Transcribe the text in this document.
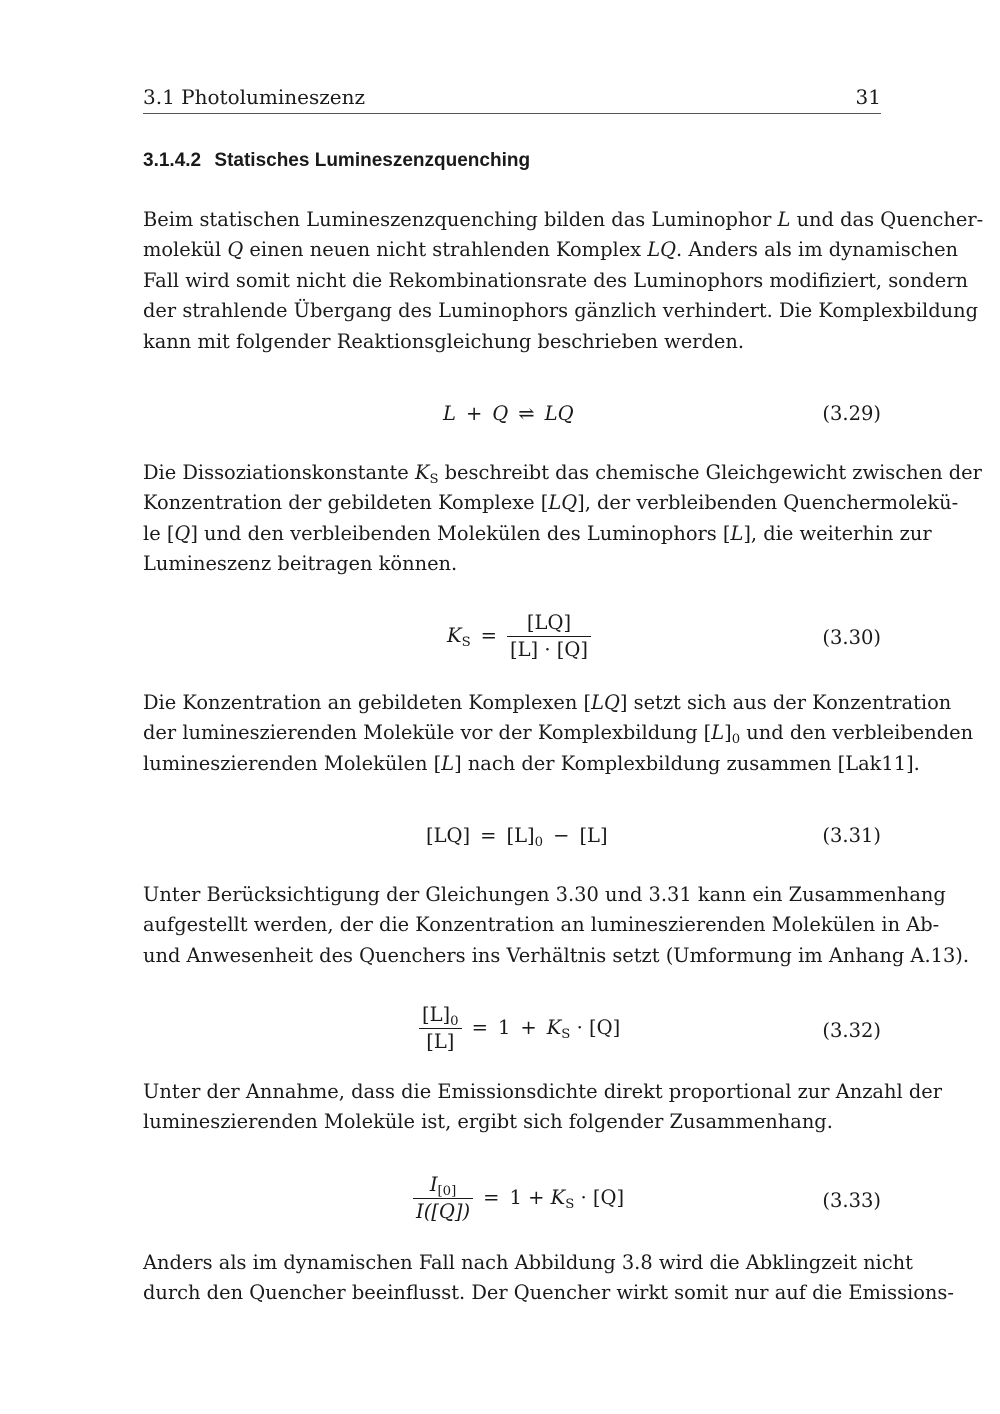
3.1 Photolumineszenz	31
3.1.4.2 Statisches Lumineszenzquenching

Beim statischen Lumineszenzquenching bilden das Luminophor L und das Quencher-
molekül Q einen neuen nicht strahlenden Komplex LQ. Anders als im dynamischen
Fall wird somit nicht die Rekombinationsrate des Luminophors modifiziert, sondern
der strahlende Übergang des Luminophors gänzlich verhindert. Die Komplexbildung
kann mit folgender Reaktionsgleichung beschrieben werden.

L + Q ⇌ LQ	(3.29)

Die Dissoziationskonstante $K_S$ beschreibt das chemische Gleichgewicht zwischen der
Konzentration der gebildeten Komplexe [LQ], der verbleibenden Quenchermolekü-
le [Q] und den verbleibenden Molekülen des Luminophors [L], die weiterhin zur
Lumineszenz beitragen können.

$K_S = \frac{[LQ]}{[L] \cdot [Q]}$	(3.30)

Die Konzentration an gebildeten Komplexen [LQ] setzt sich aus der Konzentration
der lumineszierenden Moleküle vor der Komplexbildung $[L]_0$ und den verbleibenden
lumineszierenden Molekülen [L] nach der Komplexbildung zusammen [Lak11].

$[LQ] = [L]_0 - [L]$	(3.31)

Unter Berücksichtigung der Gleichungen 3.30 und 3.31 kann ein Zusammenhang
aufgestellt werden, der die Konzentration an lumineszierenden Molekülen in Ab-
und Anwesenheit des Quenchers ins Verhältnis setzt (Umformung im Anhang A.13).

$\frac{[L]_0}{[L]} = 1 + K_S \cdot [Q]$	(3.32)

Unter der Annahme, dass die Emissionsdichte direkt proportional zur Anzahl der
lumineszierenden Moleküle ist, ergibt sich folgender Zusammenhang.

$\frac{I_{[0]}}{I([Q])} = 1 + K_S \cdot [Q]$	(3.33)

Anders als im dynamischen Fall nach Abbildung 3.8 wird die Abklingzeit nicht
durch den Quencher beeinflusst. Der Quencher wirkt somit nur auf die Emissions-
